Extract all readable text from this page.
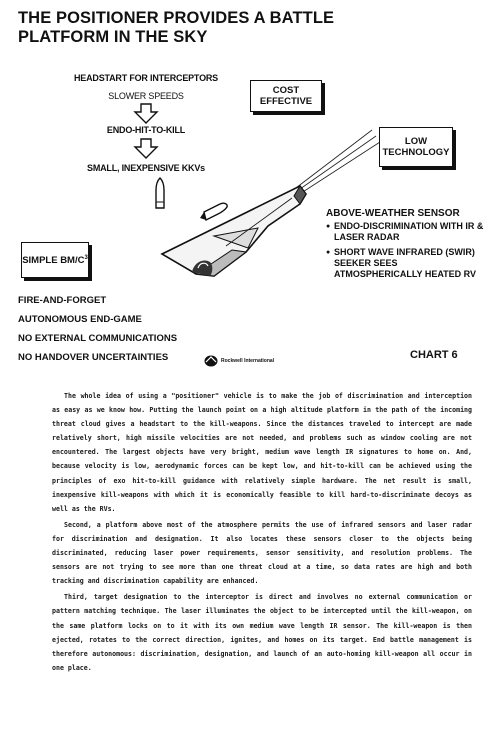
THE POSITIONER PROVIDES A BATTLE PLATFORM IN THE SKY
HEADSTART FOR INTERCEPTORS
SLOWER SPEEDS
ENDO-HIT-TO-KILL
SMALL, INEXPENSIVE KKVs
COST EFFECTIVE
LOW TECHNOLOGY
SIMPLE $BM/C^3$
ABOVE-WEATHER SENSOR
● ENDO-DISCRIMINATION WITH IR & LASER RADAR
● SHORT WAVE INFRARED (SWIR) SEEKER SEES ATMOSPHERICALLY HEATED RV
FIRE-AND-FORGET
AUTONOMOUS END-GAME
NO EXTERNAL COMMUNICATIONS
NO HANDOVER UNCERTAINTIES	Rockwell International	CHART 6

The whole idea of using a "positioner" vehicle is to make the job of discrimination and interception as easy as we know how. Putting the launch point on a high altitude platform in the path of the incoming threat cloud gives a headstart to the kill-weapons. Since the distances traveled to intercept are made relatively short, high missile velocities are not needed, and problems such as window cooling are not encountered. The largest objects have very bright, medium wave length IR signatures to home on. And, because velocity is low, aerodynamic forces can be kept low, and hit-to-kill can be achieved using the principles of exo hit-to-kill guidance with relatively simple hardware. The net result is small, inexpensive kill-weapons with which it is economically feasible to kill hard-to-discriminate decoys as well as the RVs.

Second, a platform above most of the atmosphere permits the use of infrared sensors and laser radar for discrimination and designation. It also locates these sensors closer to the objects being discriminated, reducing laser power requirements, sensor sensitivity, and resolution problems. The sensors are not trying to see more than one threat cloud at a time, so data rates are high and both tracking and discrimination capability are enhanced.

Third, target designation to the interceptor is direct and involves no external communication or pattern matching technique. The laser illuminates the object to be intercepted until the kill-weapon, on the same platform locks on to it with its own medium wave length IR sensor. The kill-weapon is then ejected, rotates to the correct direction, ignites, and homes on its target. End battle management is therefore autonomous: discrimination, designation, and launch of an auto-homing kill-weapon all occur in one place.
